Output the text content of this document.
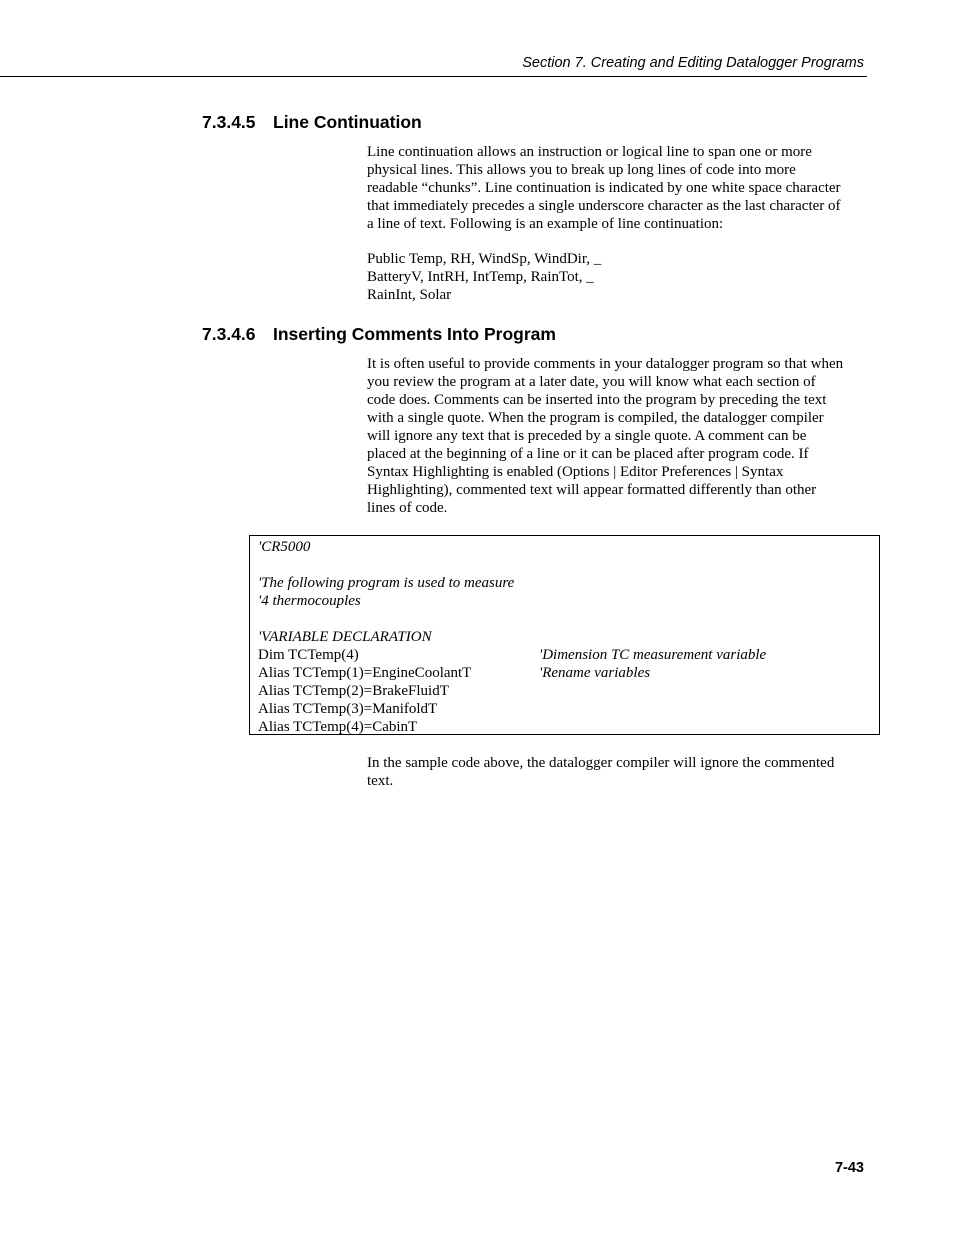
Section 7. Creating and Editing Datalogger Programs
7.3.4.5 Line Continuation
Line continuation allows an instruction or logical line to span one or more
physical lines. This allows you to break up long lines of code into more
readable “chunks”. Line continuation is indicated by one white space character
that immediately precedes a single underscore character as the last character of
a line of text. Following is an example of line continuation:
Public Temp, RH, WindSp, WindDir, _
BatteryV, IntRH, IntTemp, RainTot, _
RainInt, Solar
7.3.4.6 Inserting Comments Into Program
It is often useful to provide comments in your datalogger program so that when
you review the program at a later date, you will know what each section of
code does. Comments can be inserted into the program by preceding the text
with a single quote. When the program is compiled, the datalogger compiler
will ignore any text that is preceded by a single quote. A comment can be
placed at the beginning of a line or it can be placed after program code. If
Syntax Highlighting is enabled (Options | Editor Preferences | Syntax
Highlighting), commented text will appear formatted differently than other
lines of code.
'CR5000
'The following program is used to measure
'4 thermocouples
'VARIABLE DECLARATION
Dim TCTemp(4)	'Dimension TC measurement variable
Alias TCTemp(1)=EngineCoolantT	'Rename variables
Alias TCTemp(2)=BrakeFluidT
Alias TCTemp(3)=ManifoldT
Alias TCTemp(4)=CabinT
In the sample code above, the datalogger compiler will ignore the commented
text.
7-43
